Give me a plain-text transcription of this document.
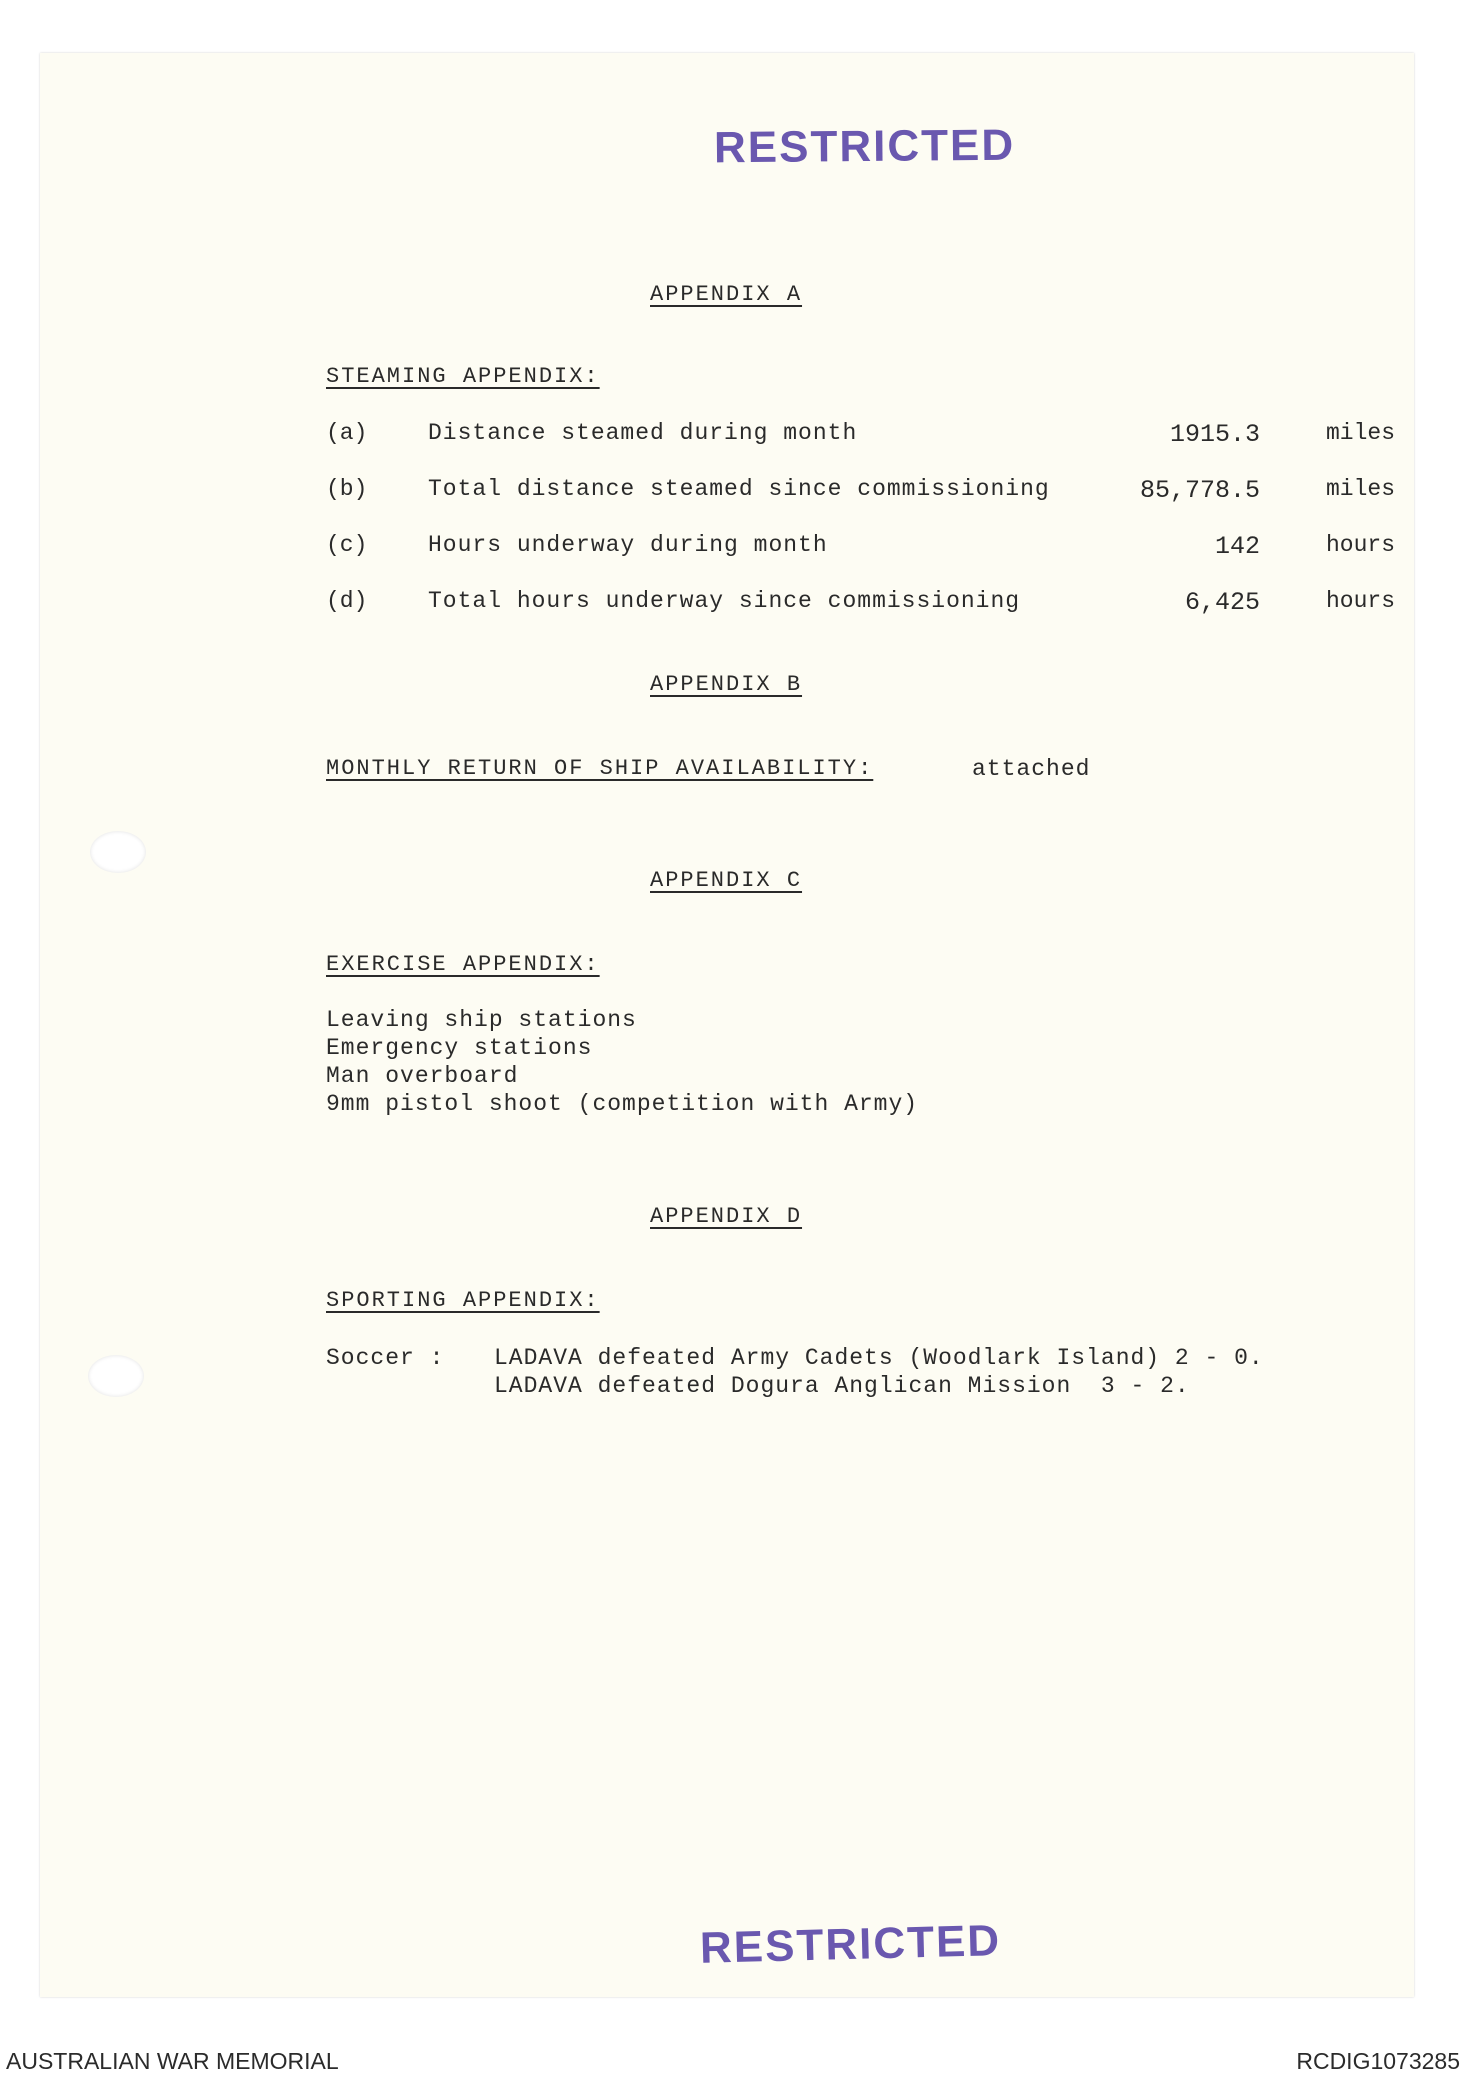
RESTRICTED
APPENDIX A
STEAMING APPENDIX:
(a)	Distance steamed during month	1915.3	miles
(b)	Total distance steamed since commissioning	85,778.5	miles
(c)	Hours underway during month	142	hours
(d)	Total hours underway since commissioning	6,425	hours
APPENDIX B
MONTHLY RETURN OF SHIP AVAILABILITY:	attached
APPENDIX C
EXERCISE APPENDIX:
Leaving ship stations
Emergency stations
Man overboard
9mm pistol shoot (competition with Army)
APPENDIX D
SPORTING APPENDIX:
Soccer : LADAVA defeated Army Cadets (Woodlark Island) 2 - 0.
LADAVA defeated Dogura Anglican Mission  3 - 2.
RESTRICTED
AUSTRALIAN WAR MEMORIAL	RCDIG1073285
